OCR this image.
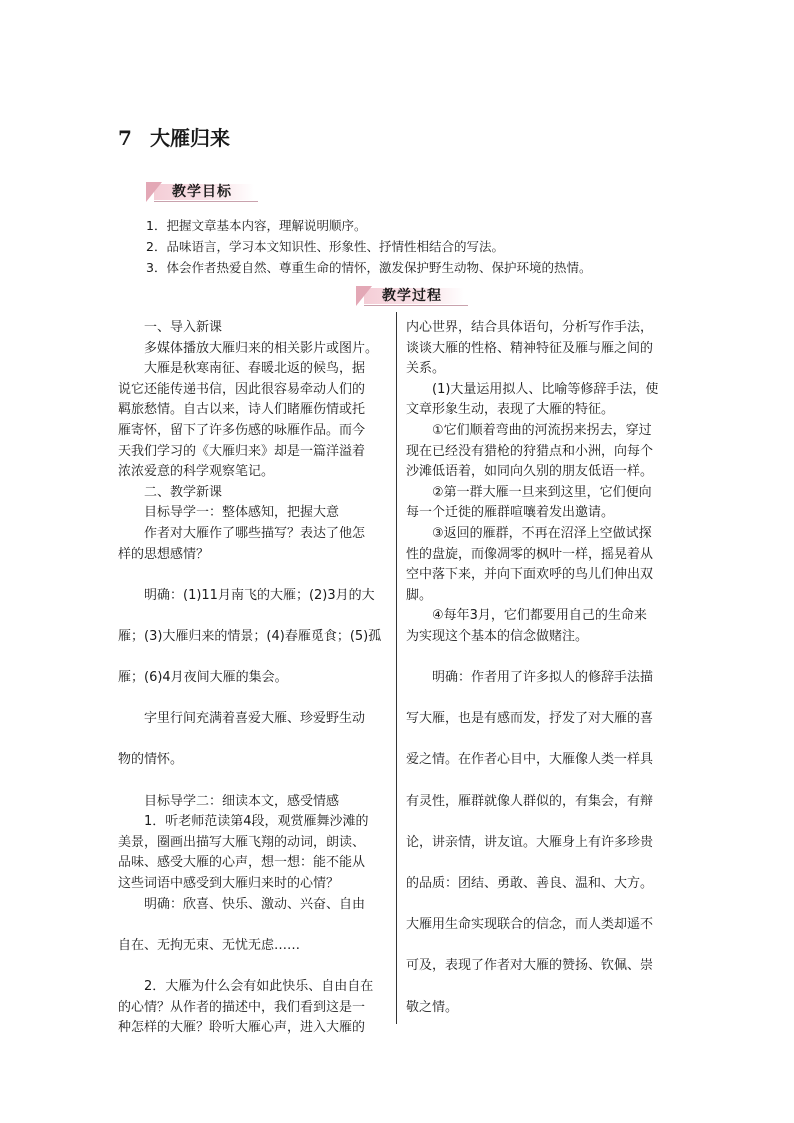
7 大雁归来
教学目标
1．把握文章基本内容，理解说明顺序。
2．品味语言，学习本文知识性、形象性、抒情性相结合的写法。
3．体会作者热爱自然、尊重生命的情怀，激发保护野生动物、保护环境的热情。
教学过程

一、导入新课

多媒体播放大雁归来的相关影片或图片。

大雁是秋寒南征、春暖北返的候鸟，据

说它还能传递书信，因此很容易牵动人们的

羁旅愁情。自古以来，诗人们睹雁伤情或托

雁寄怀，留下了许多伤感的咏雁作品。而今

天我们学习的《大雁归来》却是一篇洋溢着

浓浓爱意的科学观察笔记。

二、教学新课

目标导学一：整体感知，把握大意

作者对大雁作了哪些描写？表达了他怎

样的思想感情？

明确：(1)11月南飞的大雁；(2)3月的大

雁；(3)大雁归来的情景；(4)春雁觅食；(5)孤

雁；(6)4月夜间大雁的集会。

字里行间充满着喜爱大雁、珍爱野生动

物的情怀。

目标导学二：细读本文，感受情感

1．听老师范读第4段，观赏雁舞沙滩的

美景，圈画出描写大雁飞翔的动词，朗读、

品味、感受大雁的心声，想一想：能不能从

这些词语中感受到大雁归来时的心情？

明确：欣喜、快乐、激动、兴奋、自由

自在、无拘无束、无忧无虑……

2．大雁为什么会有如此快乐、自由自在

的心情？从作者的描述中，我们看到这是一

种怎样的大雁？聆听大雁心声，进入大雁的

内心世界，结合具体语句，分析写作手法，

谈谈大雁的性格、精神特征及雁与雁之间的

关系。

(1)大量运用拟人、比喻等修辞手法，使

文章形象生动，表现了大雁的特征。

①它们顺着弯曲的河流拐来拐去，穿过

现在已经没有猎枪的狩猎点和小洲，向每个

沙滩低语着，如同向久别的朋友低语一样。

②第一群大雁一旦来到这里，它们便向

每一个迁徙的雁群喧嚷着发出邀请。

③返回的雁群，不再在沼泽上空做试探

性的盘旋，而像凋零的枫叶一样，摇晃着从

空中落下来，并向下面欢呼的鸟儿们伸出双

脚。

④每年3月，它们都要用自己的生命来

为实现这个基本的信念做赌注。

明确：作者用了许多拟人的修辞手法描

写大雁，也是有感而发，抒发了对大雁的喜

爱之情。在作者心目中，大雁像人类一样具

有灵性，雁群就像人群似的，有集会，有辩

论，讲亲情，讲友谊。大雁身上有许多珍贵

的品质：团结、勇敢、善良、温和、大方。

大雁用生命实现联合的信念，而人类却遥不

可及，表现了作者对大雁的赞扬、钦佩、崇

敬之情。
